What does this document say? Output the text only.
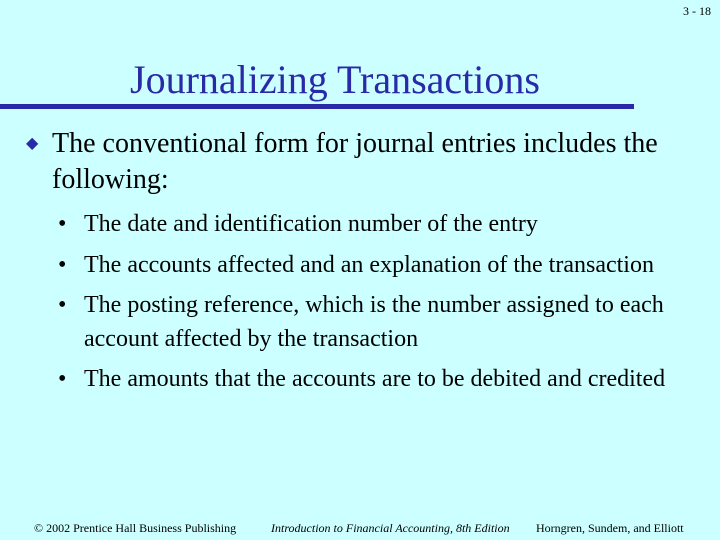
3 - 18
Journalizing Transactions
◆ The conventional form for journal entries includes the following:
• The date and identification number of the entry
• The accounts affected and an explanation of the transaction
• The posting reference, which is the number assigned to each account affected by the transaction
• The amounts that the accounts are to be debited and credited
© 2002 Prentice Hall Business Publishing	Introduction to Financial Accounting, 8th Edition Horngren, Sundem, and Elliott
